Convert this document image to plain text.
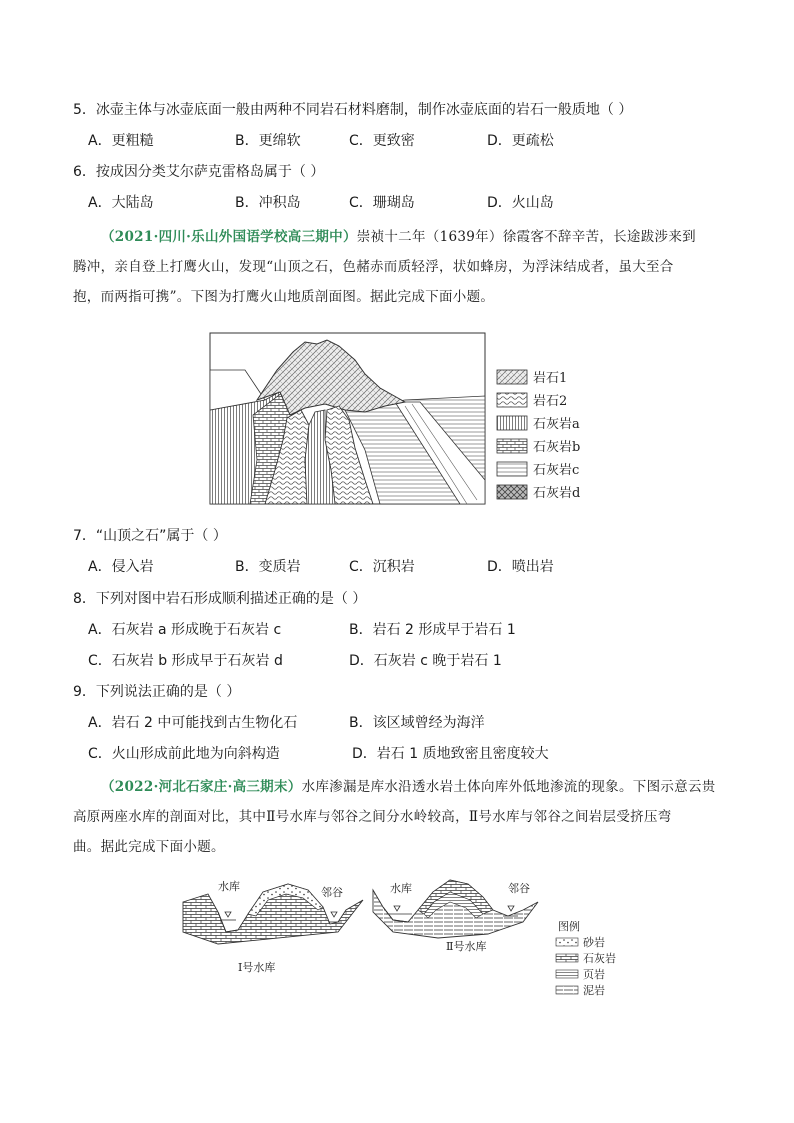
5．冰壶主体与冰壶底面一般由两种不同岩石材料磨制，制作冰壶底面的岩石一般质地（ ）
A．更粗糙	B．更绵软	C．更致密	D．更疏松
6．按成因分类艾尔萨克雷格岛属于（ ）
A．大陆岛	B．冲积岛	C．珊瑚岛	D．火山岛
（2021·四川·乐山外国语学校高三期中）崇祯十二年（1639年）徐霞客不辞辛苦，长途跋涉来到
腾冲，亲自登上打鹰火山，发现“山顶之石，色赭赤而质轻浮，状如蜂房，为浮沫结成者，虽大至合
抱，而两指可携”。下图为打鹰火山地质剖面图。据此完成下面小题。
岩石1
岩石2
石灰岩a
石灰岩b
石灰岩c
石灰岩d
7．“山顶之石”属于（ ）
A．侵入岩	B．变质岩	C．沉积岩	D．喷出岩
8．下列对图中岩石形成顺利描述正确的是（ ）
A．石灰岩 a 形成晚于石灰岩 c	B．岩石 2 形成早于岩石 1
C．石灰岩 b 形成早于石灰岩 d	D．石灰岩 c 晚于岩石 1
9．下列说法正确的是（ ）
A．岩石 2 中可能找到古生物化石	B．该区域曾经为海洋
C．火山形成前此地为向斜构造	D．岩石 1 质地致密且密度较大
（2022·河北石家庄·高三期末）水库渗漏是库水沿透水岩土体向库外低地渗流的现象。下图示意云贵
高原两座水库的剖面对比，其中Ⅱ号水库与邻谷之间分水岭较高，Ⅱ号水库与邻谷之间岩层受挤压弯
曲。据此完成下面小题。
水库	邻谷
Ⅰ号水库
水库	邻谷
Ⅱ号水库
图例
砂岩
石灰岩
页岩
泥岩
